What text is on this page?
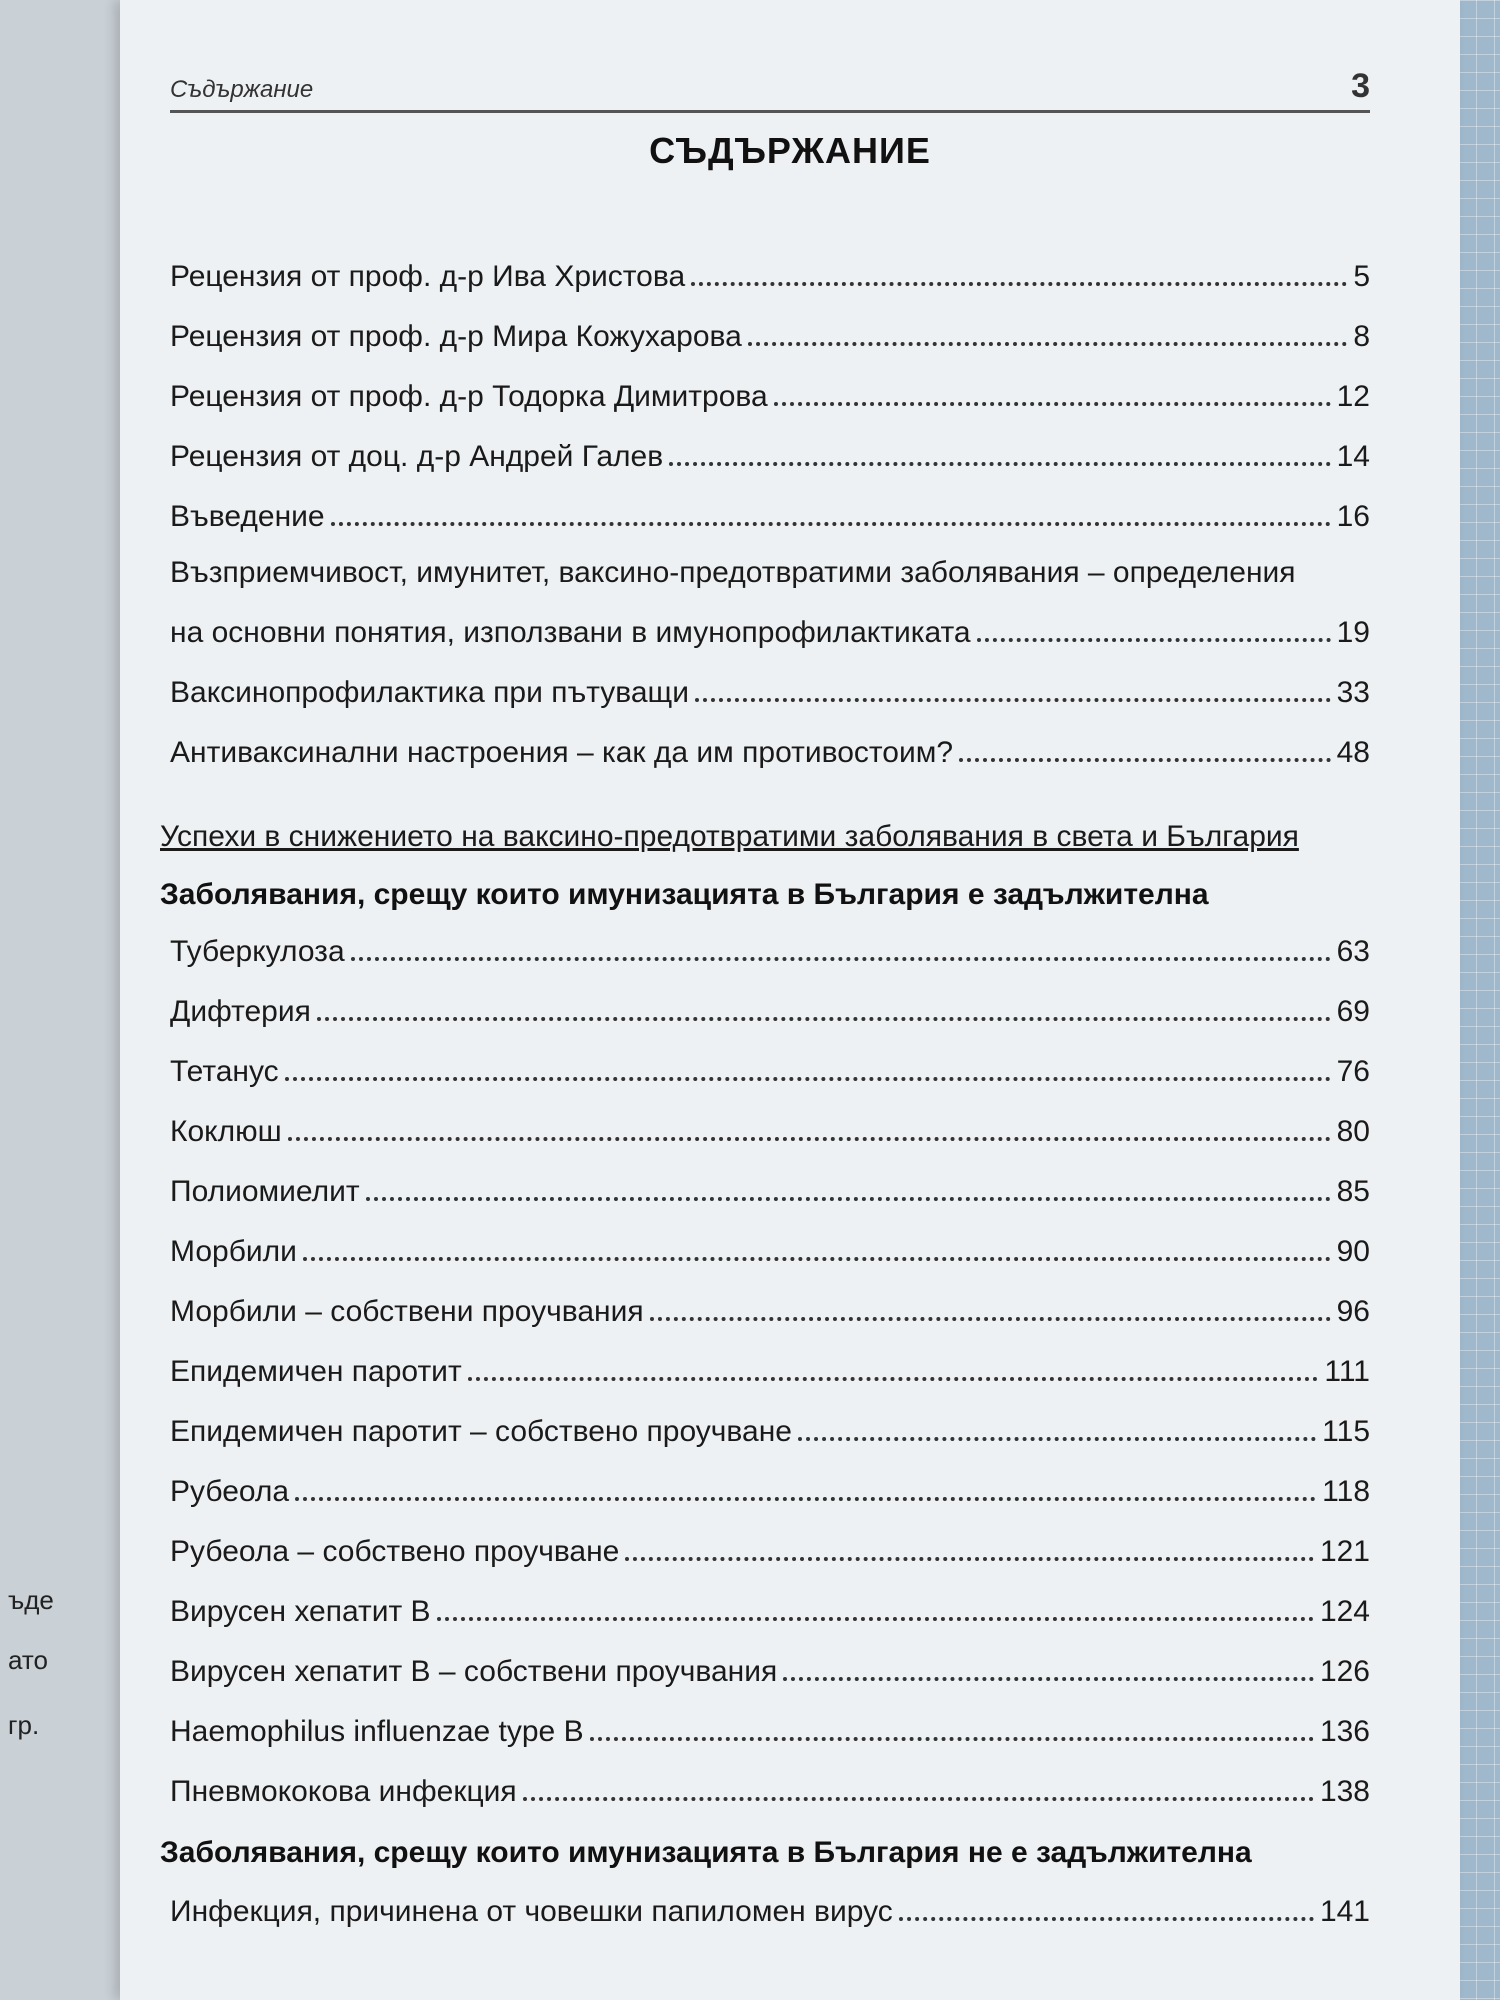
ъде
ато
гр.
Съдържание	3
СЪДЪРЖАНИЕ
Рецензия от проф. д-р Ива Христова	5
Рецензия от проф. д-р Мира Кожухарова	8
Рецензия от проф. д-р Тодорка Димитрова	12
Рецензия от доц. д-р Андрей Галев	14
Въведение	16
Възприемчивост, имунитет, ваксино-предотвратими заболявания – определения
на основни понятия, използвани в имунопрофилактиката	19
Ваксинопрофилактика при пътуващи	33
Антиваксинални настроения – как да им противостоим?	48
Успехи в снижението на ваксино-предотвратими заболявания в света и България
Заболявания, срещу които имунизацията в България е задължителна
Туберкулоза	63
Дифтерия	69
Тетанус	76
Коклюш	80
Полиомиелит	85
Морбили	90
Морбили – собствени проучвания	96
Епидемичен паротит	111
Епидемичен паротит – собствено проучване	115
Рубеола	118
Рубеола – собствено проучване	121
Вирусен хепатит В	124
Вирусен хепатит В – собствени проучвания	126
Haemophilus influenzae type B	136
Пневмококова инфекция	138
Заболявания, срещу които имунизацията в България не е задължителна
Инфекция, причинена от човешки папиломен вирус	141
